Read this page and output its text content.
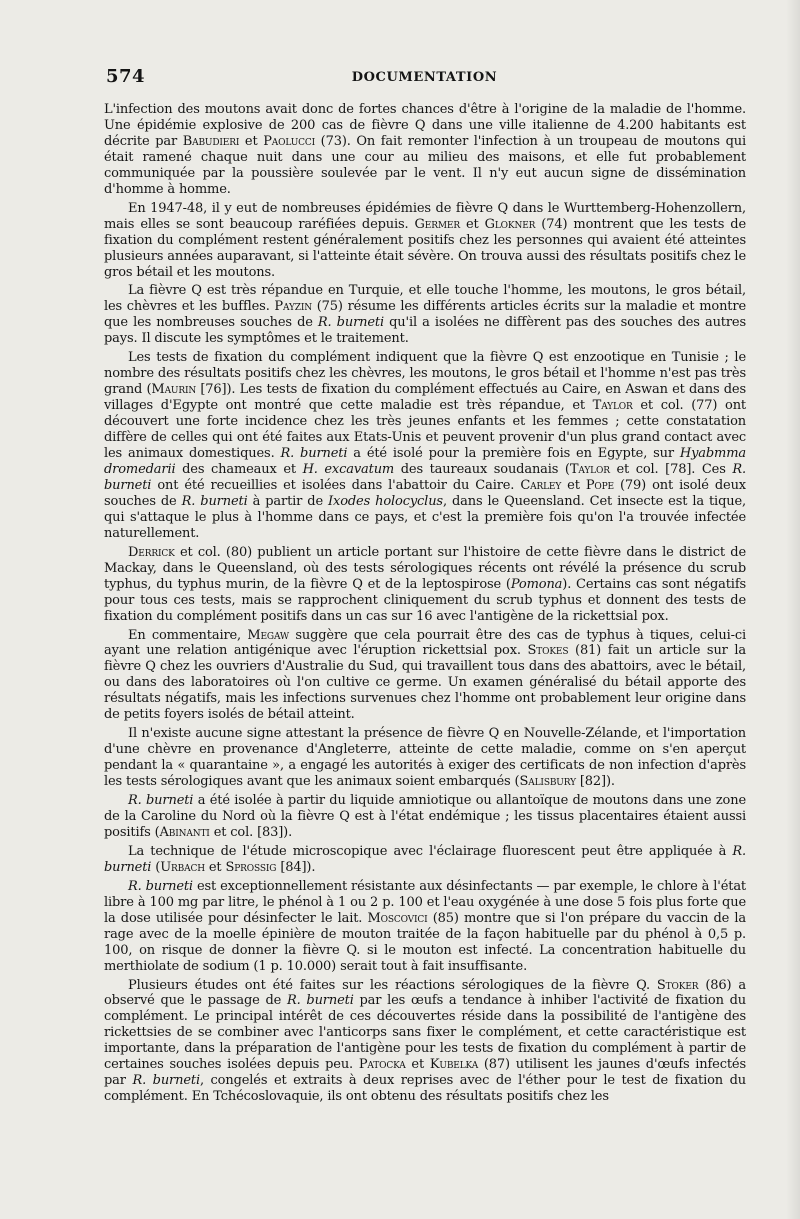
574	DOCUMENTATION

L'infection des moutons avait donc de fortes chances d'être à l'origine de la maladie de l'homme. Une épidémie explosive de 200 cas de fièvre Q dans une ville italienne de 4.200 habitants est décrite par Babudieri et Paolucci (73). On fait remonter l'infection à un troupeau de moutons qui était ramené chaque nuit dans une cour au milieu des maisons, et elle fut probablement communiquée par la poussière soulevée par le vent. Il n'y eut aucun signe de dissémination d'homme à homme.

En 1947-48, il y eut de nombreuses épidémies de fièvre Q dans le Wurttemberg-Hohenzollern, mais elles se sont beaucoup raréfiées depuis. Germer et Glokner (74) montrent que les tests de fixation du complément restent généralement positifs chez les personnes qui avaient été atteintes plusieurs années auparavant, si l'atteinte était sévère. On trouva aussi des résultats positifs chez le gros bétail et les moutons.

La fièvre Q est très répandue en Turquie, et elle touche l'homme, les moutons, le gros bétail, les chèvres et les buffles. Payzin (75) résume les différents articles écrits sur la maladie et montre que les nombreuses souches de R. burneti qu'il a isolées ne diffèrent pas des souches des autres pays. Il discute les symptômes et le traitement.

Les tests de fixation du complément indiquent que la fièvre Q est enzootique en Tunisie ; le nombre des résultats positifs chez les chèvres, les moutons, le gros bétail et l'homme n'est pas très grand (Maurin [76]). Les tests de fixation du complément effectués au Caire, en Aswan et dans des villages d'Egypte ont montré que cette maladie est très répandue, et Taylor et col. (77) ont découvert une forte incidence chez les très jeunes enfants et les femmes ; cette constatation diffère de celles qui ont été faites aux Etats-Unis et peuvent provenir d'un plus grand contact avec les animaux domestiques. R. burneti a été isolé pour la première fois en Egypte, sur Hyabmma dromedarii des chameaux et H. excavatum des taureaux soudanais (Taylor et col. [78]. Ces R. burneti ont été recueillies et isolées dans l'abattoir du Caire. Carley et Pope (79) ont isolé deux souches de R. burneti à partir de Ixodes holocyclus, dans le Queensland. Cet insecte est la tique, qui s'attaque le plus à l'homme dans ce pays, et c'est la première fois qu'on l'a trouvée infectée naturellement.

Derrick et col. (80) publient un article portant sur l'histoire de cette fièvre dans le district de Mackay, dans le Queensland, où des tests sérologiques récents ont révélé la présence du scrub typhus, du typhus murin, de la fièvre Q et de la leptospirose (Pomona). Certains cas sont négatifs pour tous ces tests, mais se rapprochent cliniquement du scrub typhus et donnent des tests de fixation du complément positifs dans un cas sur 16 avec l'antigène de la rickettsial pox.

En commentaire, Megaw suggère que cela pourrait être des cas de typhus à tiques, celui-ci ayant une relation antigénique avec l'éruption rickettsial pox. Stokes (81) fait un article sur la fièvre Q chez les ouvriers d'Australie du Sud, qui travaillent tous dans des abattoirs, avec le bétail, ou dans des laboratoires où l'on cultive ce germe. Un examen généralisé du bétail apporte des résultats négatifs, mais les infections survenues chez l'homme ont probablement leur origine dans de petits foyers isolés de bétail atteint.

Il n'existe aucune signe attestant la présence de fièvre Q en Nouvelle-Zélande, et l'importation d'une chèvre en provenance d'Angleterre, atteinte de cette maladie, comme on s'en aperçut pendant la « quarantaine », a engagé les autorités à exiger des certificats de non infection d'après les tests sérologiques avant que les animaux soient embarqués (Salisbury [82]).

R. burneti a été isolée à partir du liquide amniotique ou allantoïque de moutons dans une zone de la Caroline du Nord où la fièvre Q est à l'état endémique ; les tissus placentaires étaient aussi positifs (Abinanti et col. [83]).

La technique de l'étude microscopique avec l'éclairage fluorescent peut être appliquée à R. burneti (Urbach et Sprossig [84]).

R. burneti est exceptionnellement résistante aux désinfectants — par exemple, le chlore à l'état libre à 100 mg par litre, le phénol à 1 ou 2 p. 100 et l'eau oxygénée à une dose 5 fois plus forte que la dose utilisée pour désinfecter le lait. Moscovici (85) montre que si l'on prépare du vaccin de la rage avec de la moelle épinière de mouton traitée de la façon habituelle par du phénol à 0,5 p. 100, on risque de donner la fièvre Q. si le mouton est infecté. La concentration habituelle du merthiolate de sodium (1 p. 10.000) serait tout à fait insuffisante.

Plusieurs études ont été faites sur les réactions sérologiques de la fièvre Q. Stoker (86) a observé que le passage de R. burneti par les œufs a tendance à inhiber l'activité de fixation du complément. Le principal intérêt de ces découvertes réside dans la possibilité de l'antigène des rickettsies de se combiner avec l'anticorps sans fixer le complément, et cette caractéristique est importante, dans la préparation de l'antigène pour les tests de fixation du complément à partir de certaines souches isolées depuis peu. Patocka et Kubelka (87) utilisent les jaunes d'œufs infectés par R. burneti, congelés et extraits à deux reprises avec de l'éther pour le test de fixation du complément. En Tchécoslovaquie, ils ont obtenu des résultats positifs chez les
